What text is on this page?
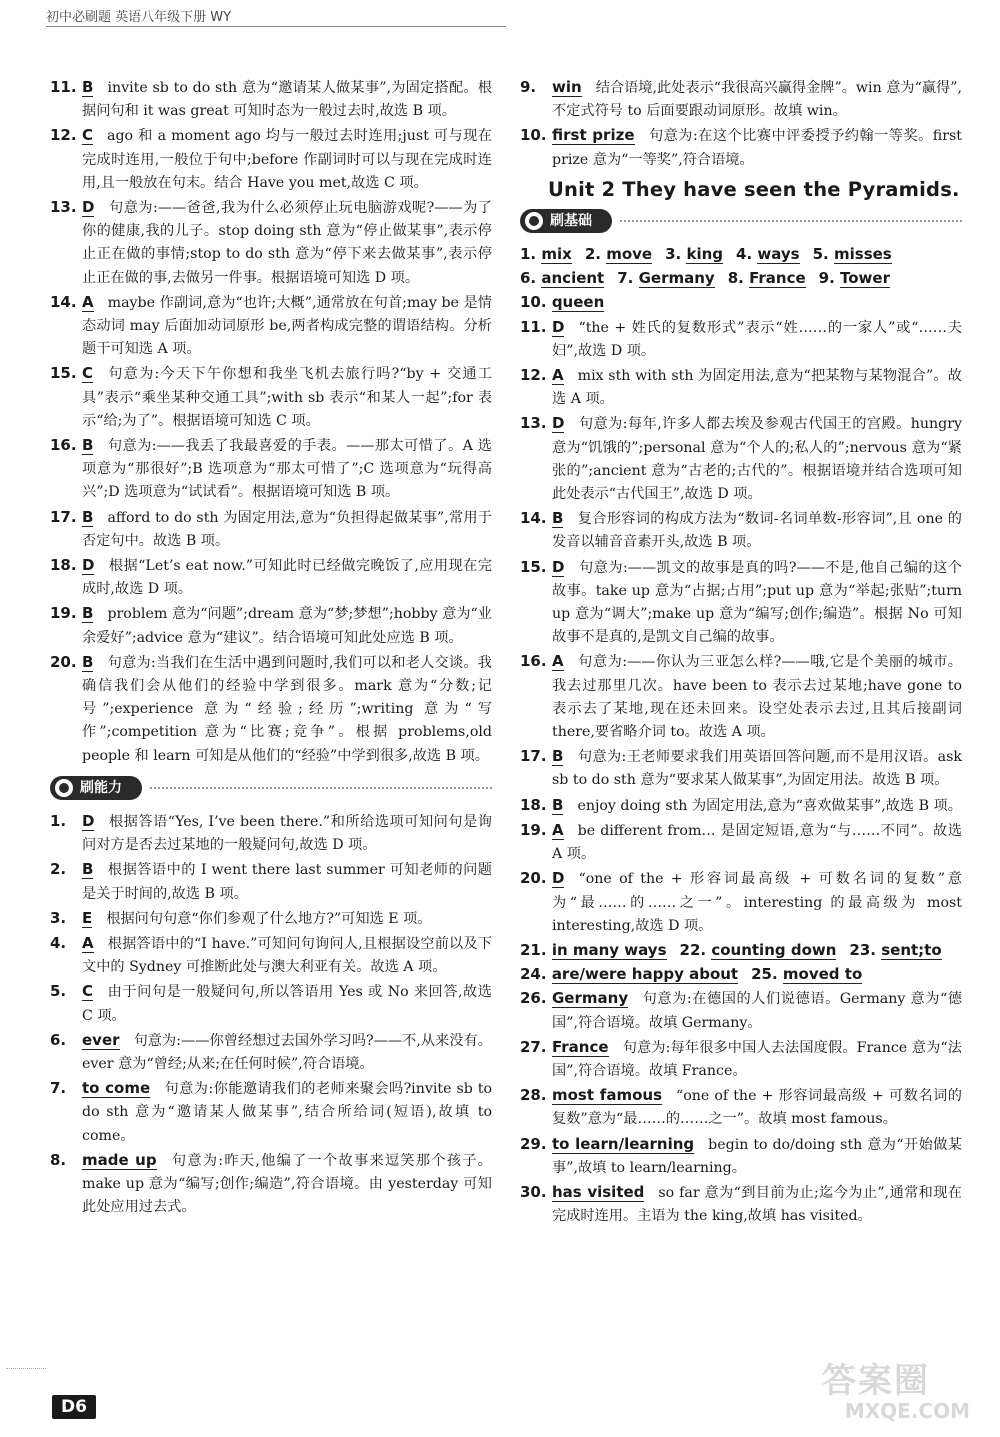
初中必刷题 英语八年级下册 WY
11. B invite sb to do sth 意为“邀请某人做某事”,为固定搭配。根据问句和 it was great 可知时态为一般过去时,故选 B 项。
12. C ago 和 a moment ago 均与一般过去时连用;just 可与现在完成时连用,一般位于句中;before 作副词时可以与现在完成时连用,且一般放在句末。结合 Have you met,故选 C 项。
13. D 句意为:——爸爸,我为什么必须停止玩电脑游戏呢?——为了你的健康,我的儿子。stop doing sth 意为“停止做某事”,表示停止正在做的事情;stop to do sth 意为“停下来去做某事”,表示停止正在做的事,去做另一件事。根据语境可知选 D 项。
14. A maybe 作副词,意为“也许;大概”,通常放在句首;may be 是情态动词 may 后面加动词原形 be,两者构成完整的谓语结构。分析题干可知选 A 项。
15. C 句意为:今天下午你想和我坐飞机去旅行吗?“by + 交通工具”表示“乘坐某种交通工具”;with sb 表示“和某人一起”;for 表示“给;为了”。根据语境可知选 C 项。
16. B 句意为:——我丢了我最喜爱的手表。——那太可惜了。A 选项意为“那很好”;B 选项意为“那太可惜了”;C 选项意为“玩得高兴”;D 选项意为“试试看”。根据语境可知选 B 项。
17. B afford to do sth 为固定用法,意为“负担得起做某事”,常用于否定句中。故选 B 项。
18. D 根据“Let’s eat now.”可知此时已经做完晚饭了,应用现在完成时,故选 D 项。
19. B problem 意为“问题”;dream 意为“梦;梦想”;hobby 意为“业余爱好”;advice 意为“建议”。结合语境可知此处应选 B 项。
20. B 句意为:当我们在生活中遇到问题时,我们可以和老人交谈。我确信我们会从他们的经验中学到很多。mark 意为“分数;记号”;experience 意为“经验;经历”;writing 意为“写作”;competition 意为“比赛;竞争”。根据 problems,old people 和 learn 可知是从他们的“经验”中学到很多,故选 B 项。
刷能力
1. D 根据答语“Yes, I’ve been there.”和所给选项可知问句是询问对方是否去过某地的一般疑问句,故选 D 项。
2. B 根据答语中的 I went there last summer 可知老师的问题是关于时间的,故选 B 项。
3. E 根据问句句意“你们参观了什么地方?”可知选 E 项。
4. A 根据答语中的“I have.”可知问句询问人,且根据设空前以及下文中的 Sydney 可推断此处与澳大利亚有关。故选 A 项。
5. C 由于问句是一般疑问句,所以答语用 Yes 或 No 来回答,故选 C 项。
6. ever 句意为:——你曾经想过去国外学习吗?——不,从来没有。ever 意为“曾经;从来;在任何时候”,符合语境。
7. to come 句意为:你能邀请我们的老师来聚会吗?invite sb to do sth 意为“邀请某人做某事”,结合所给词(短语),故填 to come。
8. made up 句意为:昨天,他编了一个故事来逗笑那个孩子。make up 意为“编写;创作;编造”,符合语境。由 yesterday 可知此处应用过去式。
9. win 结合语境,此处表示“我很高兴赢得金牌”。win 意为“赢得”,不定式符号 to 后面要跟动词原形。故填 win。
10. first prize 句意为:在这个比赛中评委授予约翰一等奖。first prize 意为“一等奖”,符合语境。
Unit 2 They have seen the Pyramids.
刷基础
1. mix 2. move 3. king 4. ways 5. misses
6. ancient 7. Germany 8. France 9. Tower
10. queen
11. D “the + 姓氏的复数形式”表示“姓……的一家人”或“……夫妇”,故选 D 项。
12. A mix sth with sth 为固定用法,意为“把某物与某物混合”。故选 A 项。
13. D 句意为:每年,许多人都去埃及参观古代国王的宫殿。hungry 意为“饥饿的”;personal 意为“个人的;私人的”;nervous 意为“紧张的”;ancient 意为“古老的;古代的”。根据语境并结合选项可知此处表示“古代国王”,故选 D 项。
14. B 复合形容词的构成方法为“数词-名词单数-形容词”,且 one 的发音以辅音音素开头,故选 B 项。
15. D 句意为:——凯文的故事是真的吗?——不是,他自己编的这个故事。take up 意为“占据;占用”;put up 意为“举起;张贴”;turn up 意为“调大”;make up 意为“编写;创作;编造”。根据 No 可知故事不是真的,是凯文自己编的故事。
16. A 句意为:——你认为三亚怎么样?——哦,它是个美丽的城市。我去过那里几次。have been to 表示去过某地;have gone to 表示去了某地,现在还未回来。设空处表示去过,且其后接副词 there,要省略介词 to。故选 A 项。
17. B 句意为:王老师要求我们用英语回答问题,而不是用汉语。ask sb to do sth 意为“要求某人做某事”,为固定用法。故选 B 项。
18. B enjoy doing sth 为固定用法,意为“喜欢做某事”,故选 B 项。
19. A be different from… 是固定短语,意为“与……不同”。故选 A 项。
20. D “one of the + 形容词最高级 + 可数名词的复数”意为“最……的……之一”。interesting 的最高级为 most interesting,故选 D 项。
21. in many ways 22. counting down 23. sent;to
24. are/were happy about 25. moved to
26. Germany 句意为:在德国的人们说德语。Germany 意为“德国”,符合语境。故填 Germany。
27. France 句意为:每年很多中国人去法国度假。France 意为“法国”,符合语境。故填 France。
28. most famous “one of the + 形容词最高级 + 可数名词的复数”意为“最……的……之一”。故填 most famous。
29. to learn/learning begin to do/doing sth 意为“开始做某事”,故填 to learn/learning。
30. has visited so far 意为“到目前为止;迄今为止”,通常和现在完成时连用。主语为 the king,故填 has visited。
D6
答案圈
MXQE.COM
